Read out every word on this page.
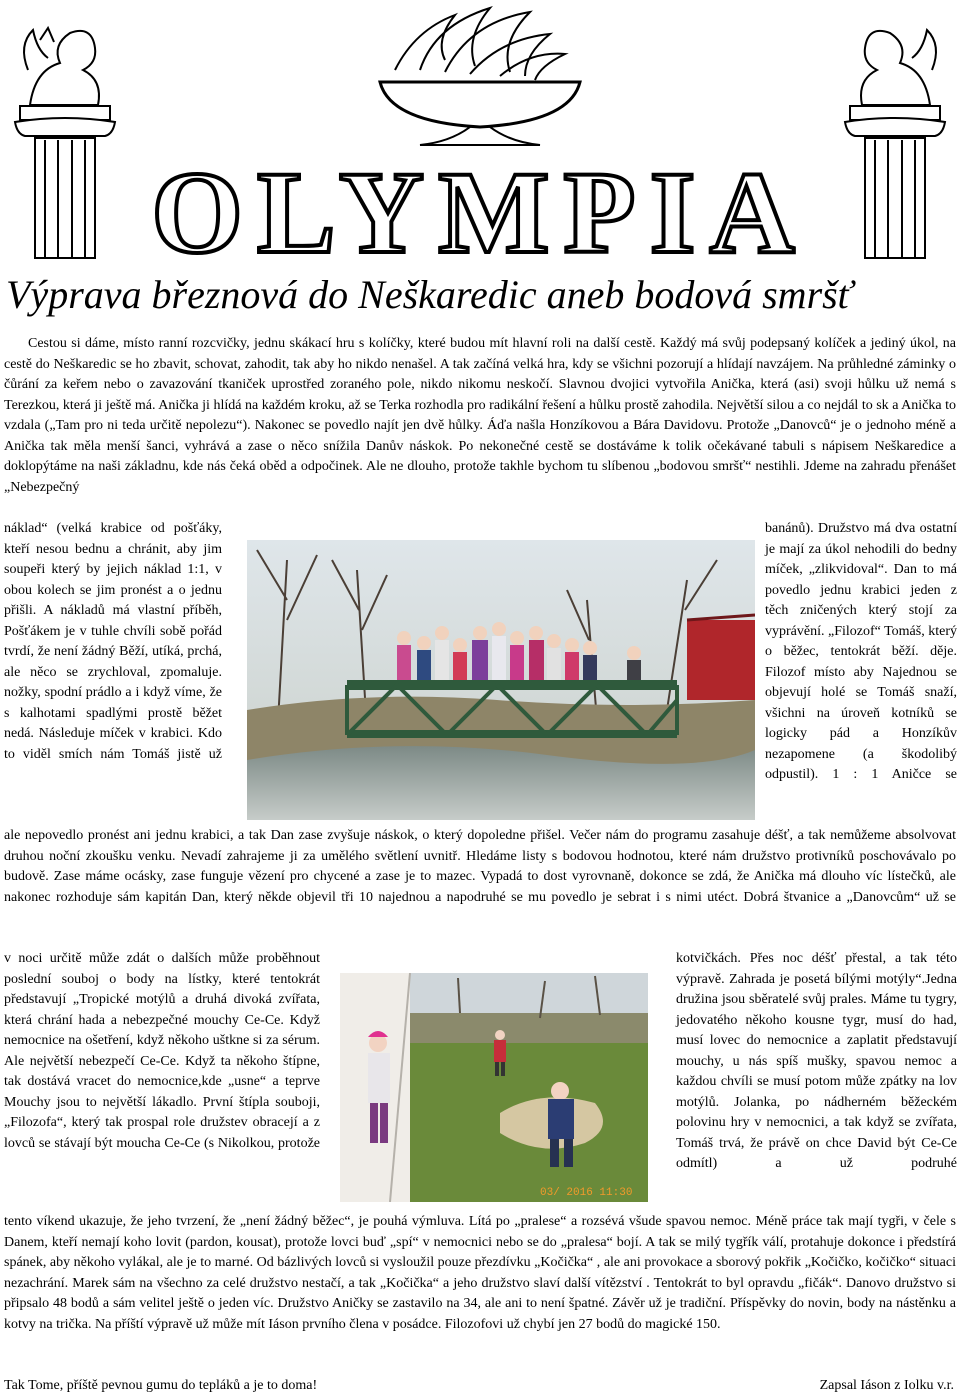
OLYMPIA
Výprava březnová do Neškaredic aneb bodová smršť

Cestou si dáme, místo ranní rozcvičky, jednu skákací hru s kolíčky, které budou mít hlavní roli na další cestě. Každý má svůj podepsaný kolíček a jediný úkol, na cestě do Neškaredic se ho zbavit, schovat, zahodit, tak aby ho nikdo nenašel. A tak začíná velká hra, kdy se všichni pozorují a hlídají navzájem. Na průhledné záminky o čůrání za keřem nebo o zavazování tkaniček uprostřed zoraného pole, nikdo nikomu neskočí. Slavnou dvojici vytvořila Anička, která (asi) svoji hůlku už nemá s Terezkou, která ji ještě má. Anička ji hlídá na každém kroku, až se Terka rozhodla pro radikální řešení a hůlku prostě zahodila. Největší silou a co nejdál to sk a Anička to vzdala („Tam pro ni teda určitě nepolezu“). Nakonec se povedlo najít jen dvě hůlky. Áďa našla Honzíkovou a Bára Davidovu. Protože „Danovců“ je o jednoho méně a Anička tak měla menší šanci, vyhrává a zase o něco snížila Danův náskok. Po nekonečné cestě se dostáváme k tolik očekávané tabuli s nápisem Neškaredice a doklopýtáme na naši základnu, kde nás čeká oběd a odpočinek. Ale ne dlouho, protože takhle bychom tu slíbenou „bodovou smršť“ nestihli. Jdeme na zahradu přenášet „Nebezpečný

náklad“ (velká krabice od pošťáky, kteří nesou bednu a chránit, aby jim soupeři který by jejich náklad 1:1, v obou kolech se jim pronést a o jednu přišli. A nákladů má vlastní příběh, Pošťákem je v tuhle chvíli sobě pořád tvrdí, že není žádný Běží, utíká, prchá, ale něco se zrychloval, zpomaluje. nožky, spodní prádlo a i když víme, že s kalhotami spadlými prostě běžet nedá. Následuje míček v krabici. Kdo to viděl smích nám Tomáš jistě už

banánů). Družstvo má dva ostatní je mají za úkol nehodili do bedny míček, „zlikvidoval“. Dan to má povedlo jednu krabici jeden z těch zničených který stojí za vyprávění. „Filozof“ Tomáš, který o běžec, tentokrát běží. děje. Filozof místo aby Najednou se objevují holé se Tomáš snaží, všichni na úroveň kotníků se logicky pád a Honzíkův nezapomene (a škodolibý odpustil). 1 : 1 Aničce se

ale nepovedlo pronést ani jednu krabici, a tak Dan zase zvyšuje náskok, o který dopoledne přišel. Večer nám do programu zasahuje déšť, a tak nemůžeme absolvovat druhou noční zkoušku venku. Nevadí zahrajeme ji za umělého světlení uvnitř. Hledáme listy s bodovou hodnotou, které nám družstvo protivníků poschovávalo po budově. Zase máme ocásky, zase funguje vězení pro chycené a zase je to mazec. Vypadá to dost vyrovnaně, dokonce se zdá, že Anička má dlouho víc lístečků, ale nakonec rozhoduje sám kapitán Dan, který někde objevil tři 10 najednou a napodruhé se mu povedlo je sebrat i s nimi utéct. Dobrá štvanice a „Danovcům“ už se

v noci určitě může zdát o dalších může proběhnout poslední souboj o body na lístky, které tentokrát představují „Tropické motýlů a druhá divoká zvířata, která chrání hada a nebezpečné mouchy Ce-Ce. Když nemocnice na ošetření, když někoho uštkne si za sérum. Ale největší nebezpečí Ce-Ce. Když ta někoho štípne, tak dostává vracet do nemocnice,kde „usne“ a teprve Mouchy jsou to největší lákadlo. První štípla souboji, „Filozofa“, který tak prospal role družstev obracejí a z lovců se stávají být moucha Ce-Ce (s Nikolkou, protože

03/ 2016 11:30

kotvičkách. Přes noc déšť přestal, a tak této výpravě. Zahrada je posetá bílými motýly“.Jedna družina jsou sběratelé svůj prales. Máme tu tygry, jedovatého někoho kousne tygr, musí do had, musí lovec do nemocnice a zaplatit představují mouchy, u nás spíš mušky, spavou nemoc a každou chvíli se musí potom může zpátky na lov motýlů. Jolanka, po nádherném běžeckém polovinu hry v nemocnici, a tak když se zvířata, Tomáš trvá, že právě on chce David být Ce-Ce odmítl) a už podruhé

tento víkend ukazuje, že jeho tvrzení, že „není žádný běžec“, je pouhá výmluva. Lítá po „pralese“ a rozsévá všude spavou nemoc. Méně práce tak mají tygři, v čele s Danem, kteří nemají koho lovit (pardon, kousat), protože lovci buď „spí“ v nemocnici nebo se do „pralesa“ bojí. A tak se milý tygřík válí, protahuje dokonce i předstírá spánek, aby někoho vylákal, ale je to marné. Od bázlivých lovců si vysloužil pouze přezdívku „Kočička“ , ale ani provokace a sborový pokřik „Kočičko, kočičko“ situaci nezachrání. Marek sám na všechno za celé družstvo nestačí, a tak „Kočička“ a jeho družstvo slaví další vítězství . Tentokrát to byl opravdu „fičák“. Danovo družstvo si připsalo 48 bodů a sám velitel ještě o jeden víc. Družstvo Aničky se zastavilo na 34, ale ani to není špatné. Závěr už je tradiční. Příspěvky do novin, body na nástěnku a kotvy na trička. Na příští výpravě už může mít Iáson prvního člena v posádce. Filozofovi už chybí jen 27 bodů do magické 150.

Tak Tome, příště pevnou gumu do tepláků a je to doma!	Zapsal Iáson z Iolku v.r.
